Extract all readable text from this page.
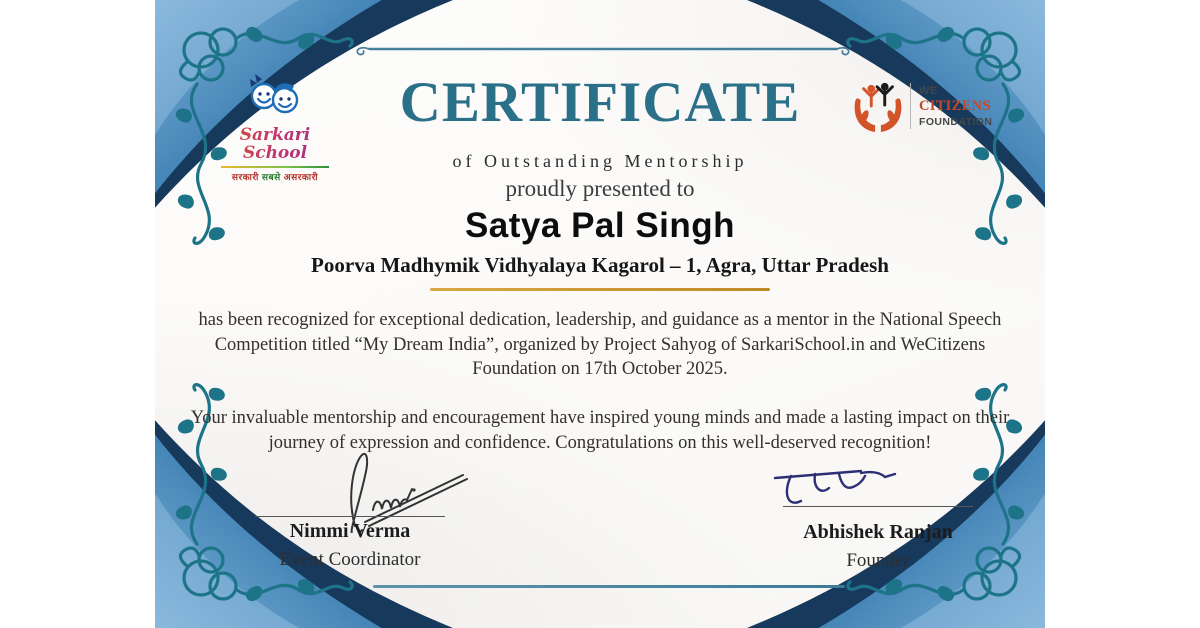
Sarkari School
सरकारी सबसे असरकारी
WE
CITIZENS
FOUNDATION
CERTIFICATE
of Outstanding Mentorship
proudly presented to
Satya Pal Singh
Poorva Madhymik Vidhyalaya Kagarol – 1, Agra, Uttar Pradesh
has been recognized for exceptional dedication, leadership, and guidance as a mentor in the National Speech Competition titled “My Dream India”, organized by Project Sahyog of SarkariSchool.in and WeCitizens Foundation on 17th October 2025.
Your invaluable mentorship and encouragement have inspired young minds and made a lasting impact on their journey of expression and confidence. Congratulations on this well-deserved recognition!
Nimmi Verma
Event Coordinator
Abhishek Ranjan
Founder
